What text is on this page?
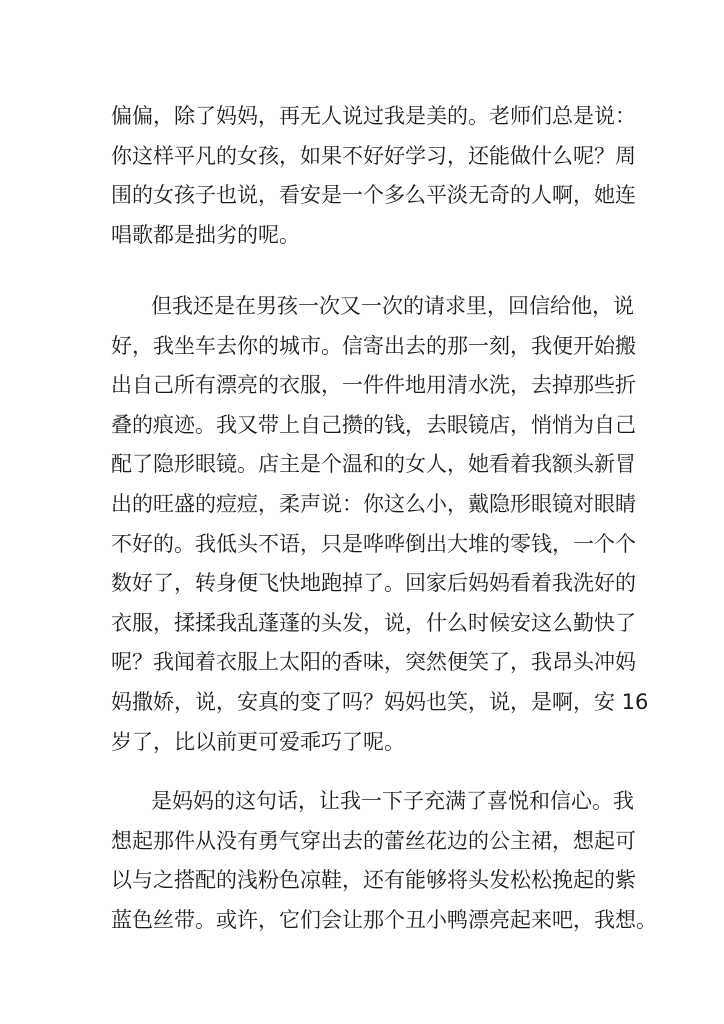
偏偏，除了妈妈，再无人说过我是美的。老师们总是说：
你这样平凡的女孩，如果不好好学习，还能做什么呢？周
围的女孩子也说，看安是一个多么平淡无奇的人啊，她连
唱歌都是拙劣的呢。
但我还是在男孩一次又一次的请求里，回信给他，说
好，我坐车去你的城市。信寄出去的那一刻，我便开始搬
出自己所有漂亮的衣服，一件件地用清水洗，去掉那些折
叠的痕迹。我又带上自己攒的钱，去眼镜店，悄悄为自己
配了隐形眼镜。店主是个温和的女人，她看着我额头新冒
出的旺盛的痘痘，柔声说：你这么小，戴隐形眼镜对眼睛
不好的。我低头不语，只是哗哗倒出大堆的零钱，一个个
数好了，转身便飞快地跑掉了。回家后妈妈看着我洗好的
衣服，揉揉我乱蓬蓬的头发，说，什么时候安这么勤快了
呢？我闻着衣服上太阳的香味，突然便笑了，我昂头冲妈
妈撒娇，说，安真的变了吗？妈妈也笑，说，是啊，安 16
岁了，比以前更可爱乖巧了呢。
是妈妈的这句话，让我一下子充满了喜悦和信心。我
想起那件从没有勇气穿出去的蕾丝花边的公主裙，想起可
以与之搭配的浅粉色凉鞋，还有能够将头发松松挽起的紫
蓝色丝带。或许，它们会让那个丑小鸭漂亮起来吧，我想。
